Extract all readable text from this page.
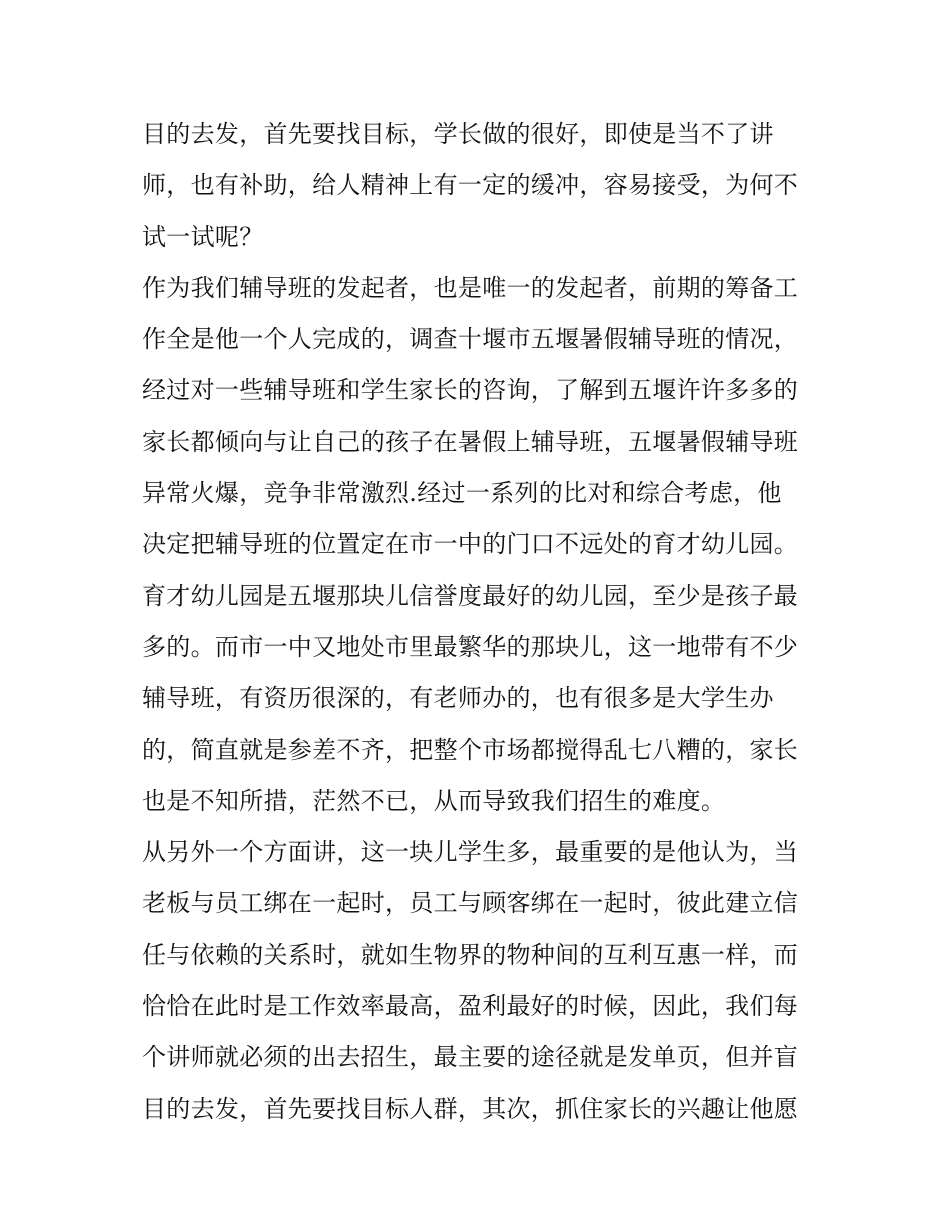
目的去发，首先要找目标，学长做的很好，即使是当不了讲
师，也有补助，给人精神上有一定的缓冲，容易接受，为何不
试一试呢？
作为我们辅导班的发起者，也是唯一的发起者，前期的筹备工
作全是他一个人完成的，调查十堰市五堰暑假辅导班的情况，
经过对一些辅导班和学生家长的咨询，了解到五堰许许多多的
家长都倾向与让自己的孩子在暑假上辅导班，五堰暑假辅导班
异常火爆，竞争非常激烈.经过一系列的比对和综合考虑，他
决定把辅导班的位置定在市一中的门口不远处的育才幼儿园。
育才幼儿园是五堰那块儿信誉度最好的幼儿园，至少是孩子最
多的。而市一中又地处市里最繁华的那块儿，这一地带有不少
辅导班，有资历很深的，有老师办的，也有很多是大学生办
的，简直就是参差不齐，把整个市场都搅得乱七八糟的，家长
也是不知所措，茫然不已，从而导致我们招生的难度。
从另外一个方面讲，这一块儿学生多，最重要的是他认为，当
老板与员工绑在一起时，员工与顾客绑在一起时，彼此建立信
任与依赖的关系时，就如生物界的物种间的互利互惠一样，而
恰恰在此时是工作效率最高，盈利最好的时候，因此，我们每
个讲师就必须的出去招生，最主要的途径就是发单页，但并盲
目的去发，首先要找目标人群，其次，抓住家长的兴趣让他愿
